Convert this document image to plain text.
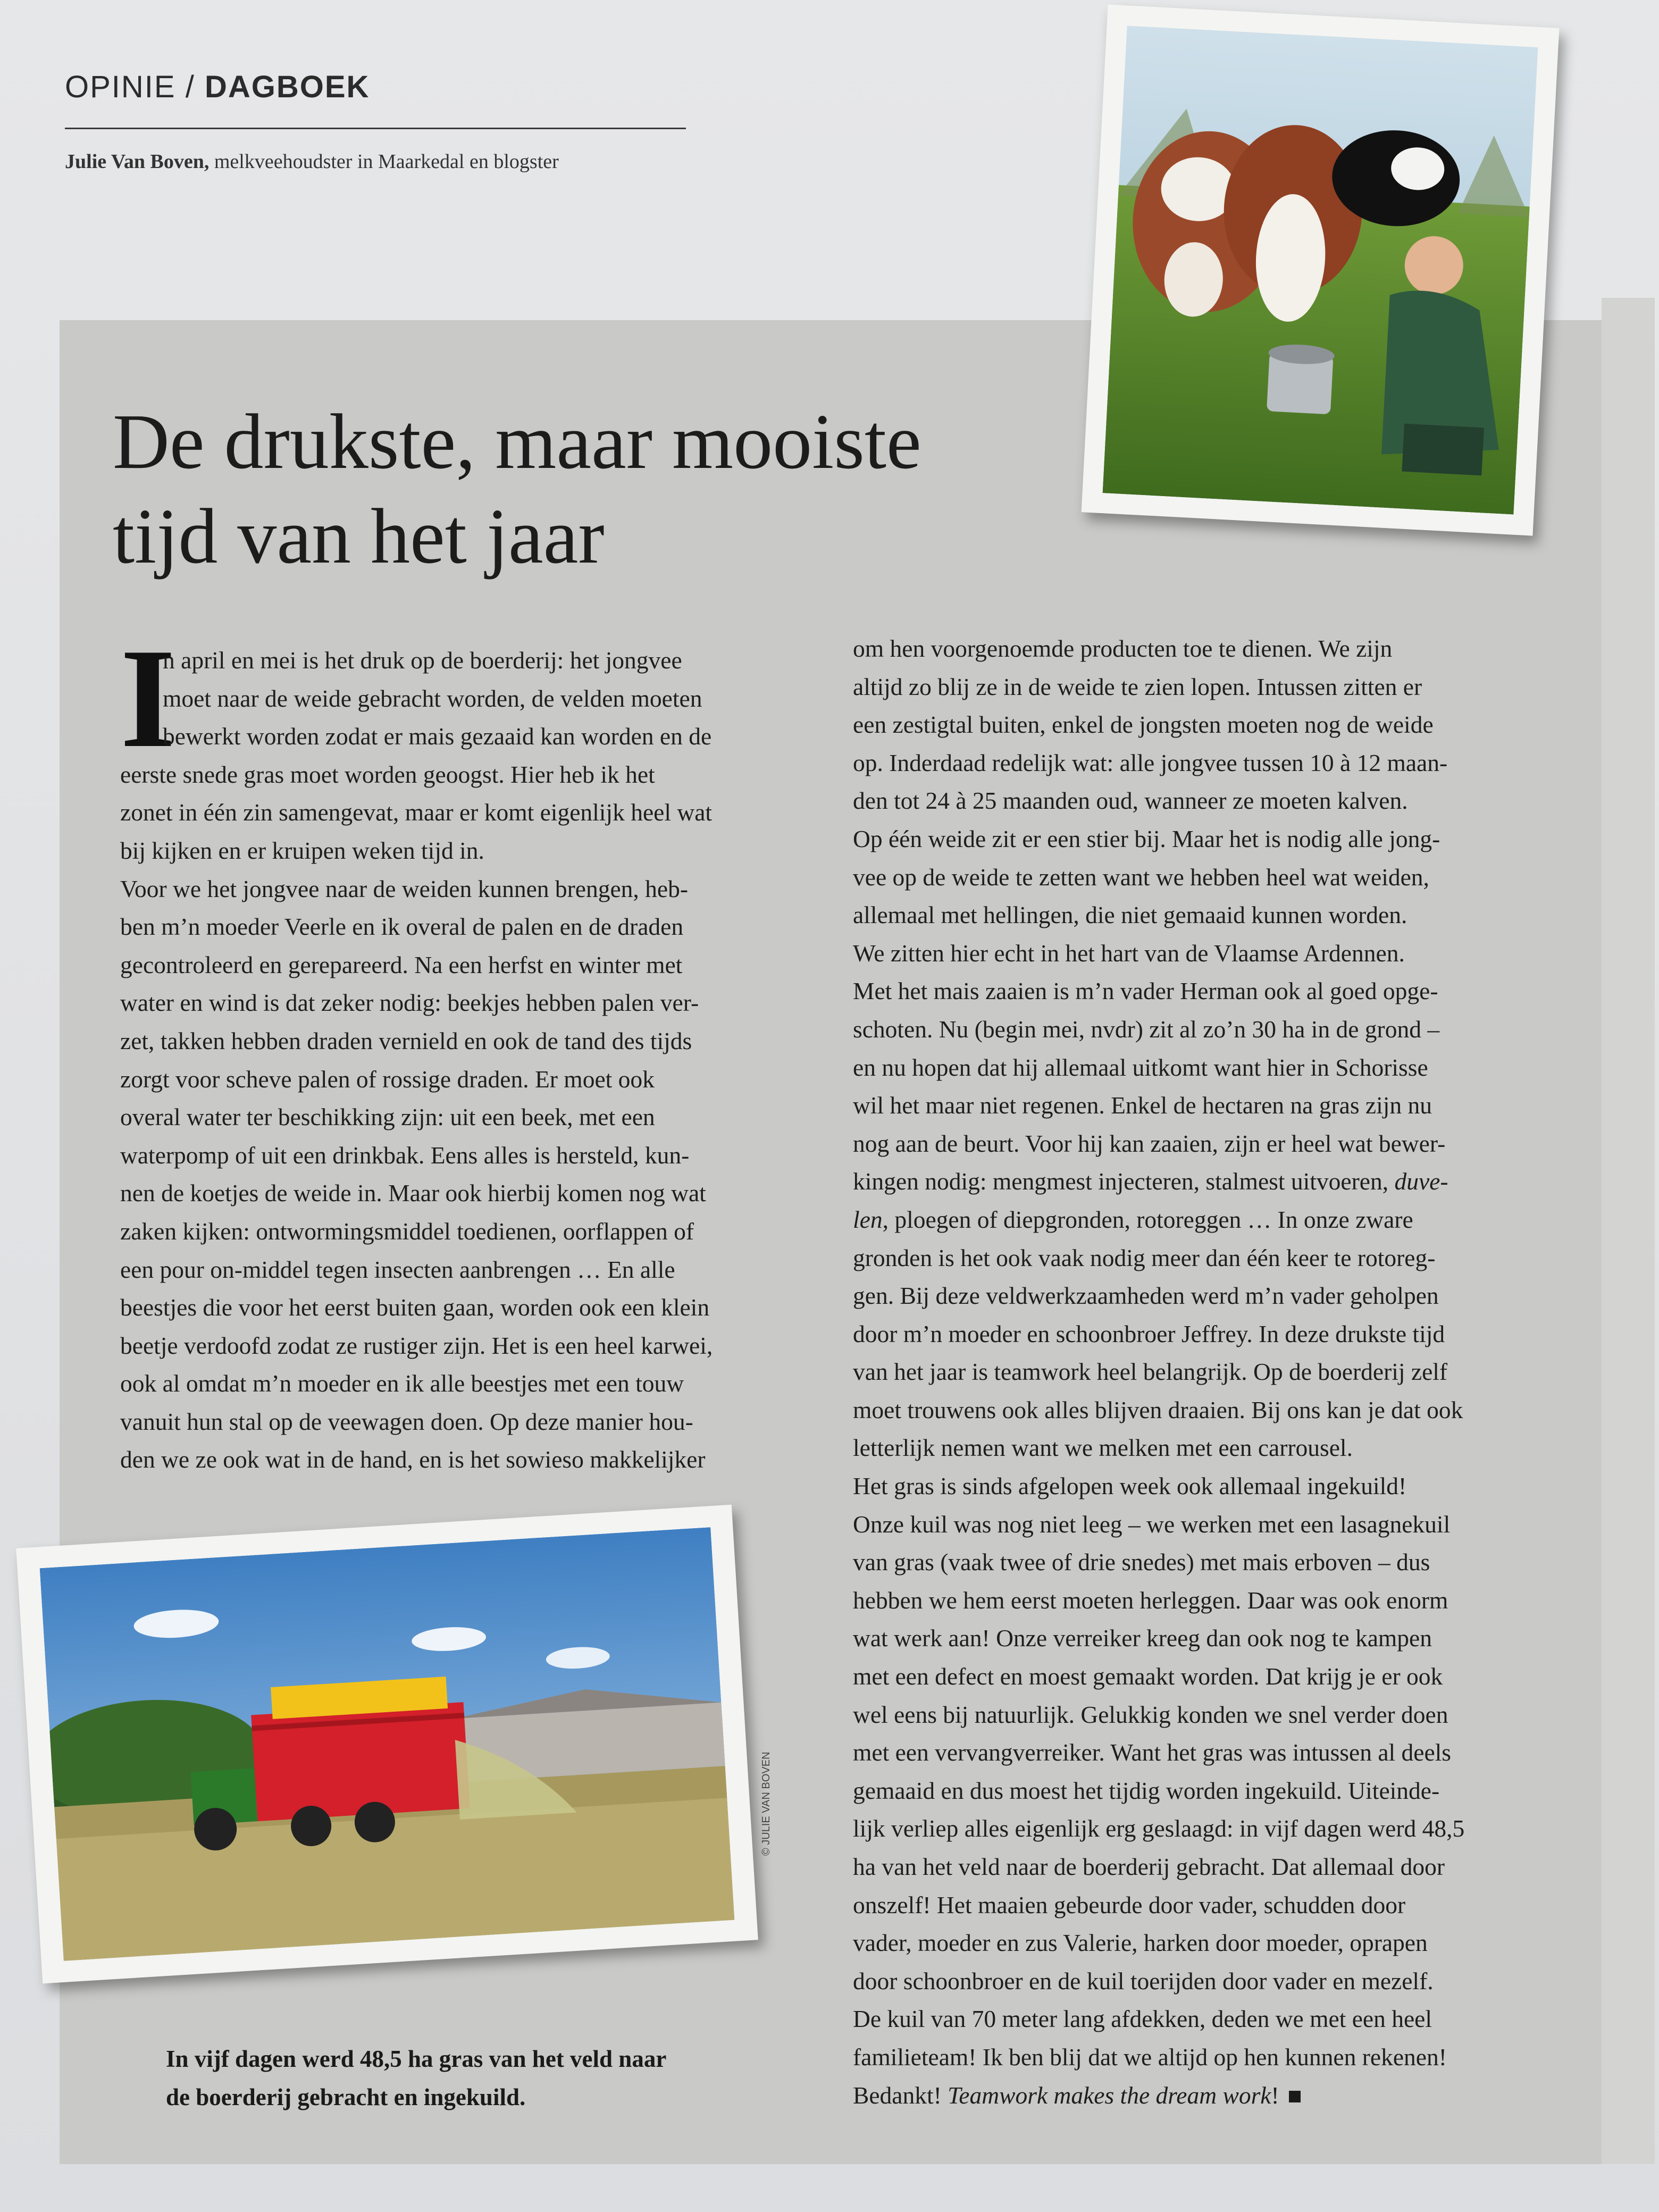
OPINIE / DAGBOEK
Julie Van Boven, melkveehoudster in Maarkedal en blogster
De drukste, maar mooiste
tijd van het jaar
I

n april en mei is het druk op de boerderij: het jongvee

moet naar de weide gebracht worden, de velden moeten

bewerkt worden zodat er mais gezaaid kan worden en de

eerste snede gras moet worden geoogst. Hier heb ik het

zonet in één zin samengevat, maar er komt eigenlijk heel wat

bij kijken en er kruipen weken tijd in.

Voor we het jongvee naar de weiden kunnen brengen, heb-

ben m’n moeder Veerle en ik overal de palen en de draden

gecontroleerd en gerepareerd. Na een herfst en winter met

water en wind is dat zeker nodig: beekjes hebben palen ver-

zet, takken hebben draden vernield en ook de tand des tijds

zorgt voor scheve palen of rossige draden. Er moet ook

overal water ter beschikking zijn: uit een beek, met een

waterpomp of uit een drinkbak. Eens alles is hersteld, kun-

nen de koetjes de weide in. Maar ook hierbij komen nog wat

zaken kijken: ontwormingsmiddel toedienen, oorflappen of

een pour on-middel tegen insecten aanbrengen … En alle

beestjes die voor het eerst buiten gaan, worden ook een klein

beetje verdoofd zodat ze rustiger zijn. Het is een heel karwei,

ook al omdat m’n moeder en ik alle beestjes met een touw

vanuit hun stal op de veewagen doen. Op deze manier hou-

den we ze ook wat in de hand, en is het sowieso makkelijker

om hen voorgenoemde producten toe te dienen. We zijn

altijd zo blij ze in de weide te zien lopen. Intussen zitten er

een zestigtal buiten, enkel de jongsten moeten nog de weide

op. Inderdaad redelijk wat: alle jongvee tussen 10 à 12 maan-

den tot 24 à 25 maanden oud, wanneer ze moeten kalven.

Op één weide zit er een stier bij. Maar het is nodig alle jong-

vee op de weide te zetten want we hebben heel wat weiden,

allemaal met hellingen, die niet gemaaid kunnen worden.

We zitten hier echt in het hart van de Vlaamse Ardennen.

Met het mais zaaien is m’n vader Herman ook al goed opge-

schoten. Nu (begin mei, nvdr) zit al zo’n 30 ha in de grond –

en nu hopen dat hij allemaal uitkomt want hier in Schorisse

wil het maar niet regenen. Enkel de hectaren na gras zijn nu

nog aan de beurt. Voor hij kan zaaien, zijn er heel wat bewer-

kingen nodig: mengmest injecteren, stalmest uitvoeren, duve-

len, ploegen of diepgronden, rotoreggen … In onze zware

gronden is het ook vaak nodig meer dan één keer te rotoreg-

gen. Bij deze veldwerkzaamheden werd m’n vader geholpen

door m’n moeder en schoonbroer Jeffrey. In deze drukste tijd

van het jaar is teamwork heel belangrijk. Op de boerderij zelf

moet trouwens ook alles blijven draaien. Bij ons kan je dat ook

letterlijk nemen want we melken met een carrousel.

Het gras is sinds afgelopen week ook allemaal ingekuild!

Onze kuil was nog niet leeg – we werken met een lasagnekuil

van gras (vaak twee of drie snedes) met mais erboven – dus

hebben we hem eerst moeten herleggen. Daar was ook enorm

wat werk aan! Onze verreiker kreeg dan ook nog te kampen

met een defect en moest gemaakt worden. Dat krijg je er ook

wel eens bij natuurlijk. Gelukkig konden we snel verder doen

met een vervangverreiker. Want het gras was intussen al deels

gemaaid en dus moest het tijdig worden ingekuild. Uiteinde-

lijk verliep alles eigenlijk erg geslaagd: in vijf dagen werd 48,5

ha van het veld naar de boerderij gebracht. Dat allemaal door

onszelf! Het maaien gebeurde door vader, schudden door

vader, moeder en zus Valerie, harken door moeder, oprapen

door schoonbroer en de kuil toerijden door vader en mezelf.

De kuil van 70 meter lang afdekken, deden we met een heel

familieteam! Ik ben blij dat we altijd op hen kunnen rekenen!

Bedankt! Teamwork makes the dream work!

© JULIE VAN BOVEN

In vijf dagen werd 48,5 ha gras van het veld naar

de boerderij gebracht en ingekuild.
